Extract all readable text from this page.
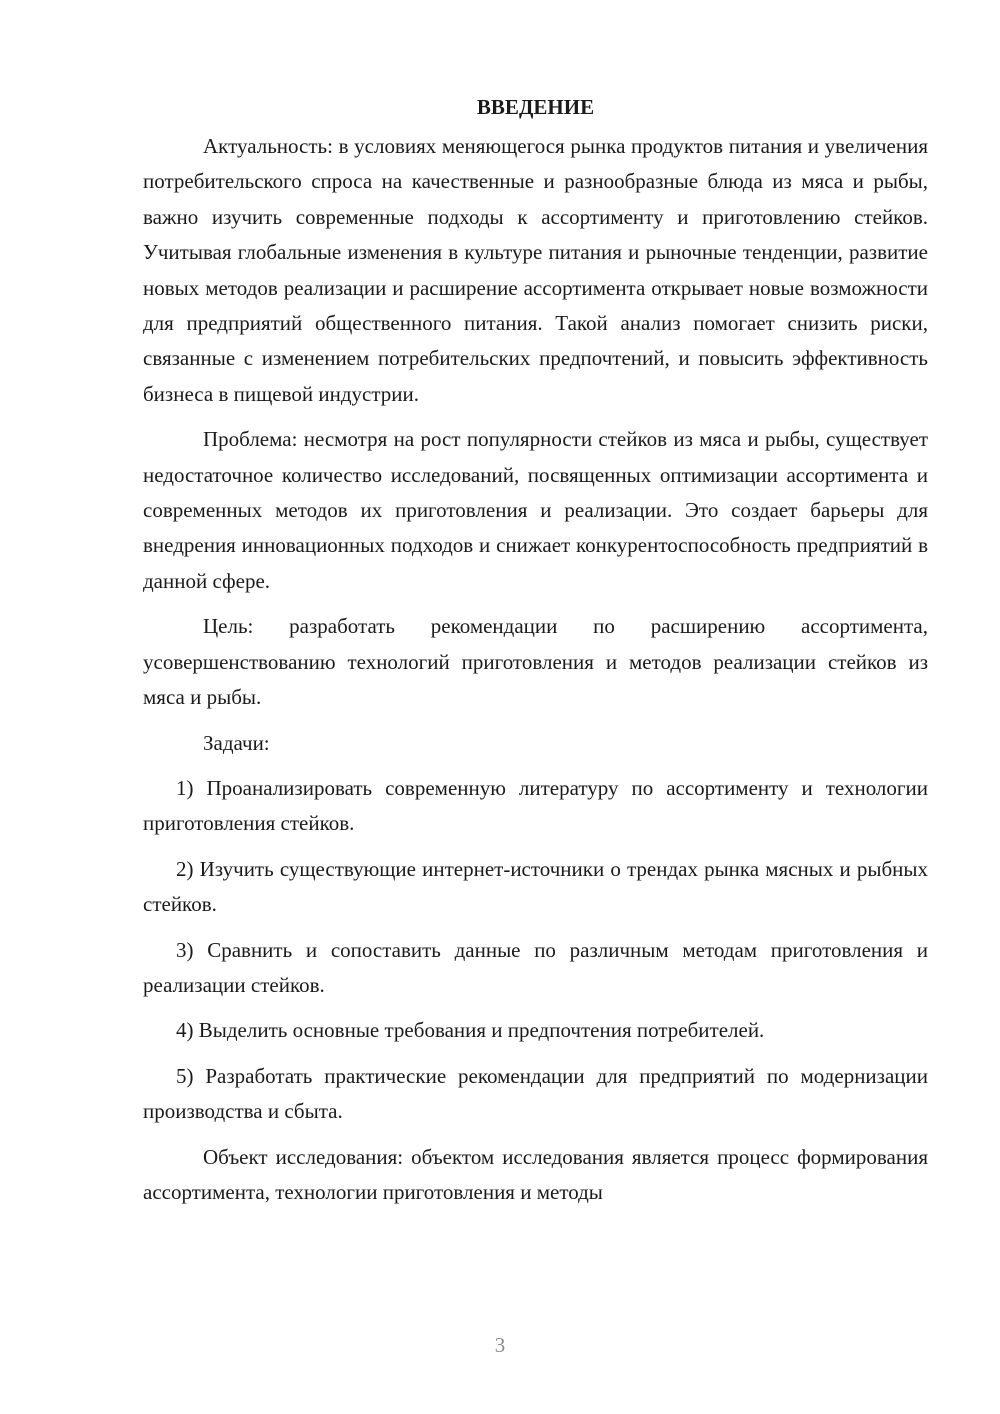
ВВЕДЕНИЕ

Актуальность: в условиях меняющегося рынка продуктов питания и увеличения потребительского спроса на качественные и разнообразные блюда из мяса и рыбы, важно изучить современные подходы к ассортименту и приготовлению стейков. Учитывая глобальные изменения в культуре питания и рыночные тенденции, развитие новых методов реализации и расширение ассортимента открывает новые возможности для предприятий общественного питания. Такой анализ помогает снизить риски, связанные с изменением потребительских предпочтений, и повысить эффективность бизнеса в пищевой индустрии.

Проблема: несмотря на рост популярности стейков из мяса и рыбы, существует недостаточное количество исследований, посвященных оптимизации ассортимента и современных методов их приготовления и реализации. Это создает барьеры для внедрения инновационных подходов и снижает конкурентоспособность предприятий в данной сфере.

Цель: разработать рекомендации по расширению ассортимента, усовершенствованию технологий приготовления и методов реализации стейков из мяса и рыбы.

Задачи:

1) Проанализировать современную литературу по ассортименту и технологии приготовления стейков.

2) Изучить существующие интернет-источники о трендах рынка мясных и рыбных стейков.

3) Сравнить и сопоставить данные по различным методам приготовления и реализации стейков.

4) Выделить основные требования и предпочтения потребителей.

5) Разработать практические рекомендации для предприятий по модернизации производства и сбыта.

Объект исследования: объектом исследования является процесс формирования ассортимента, технологии приготовления и методы

3
